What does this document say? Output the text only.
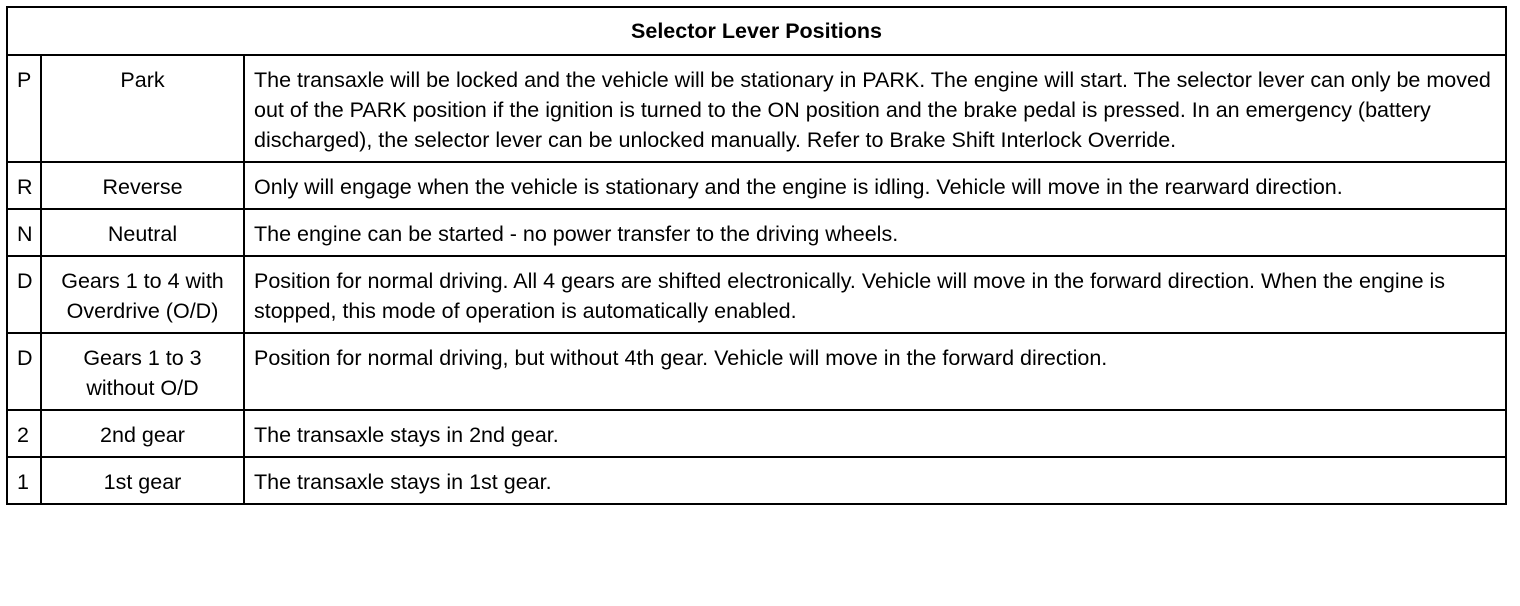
Selector Lever Positions		
P	Park	The transaxle will be locked and the vehicle will be stationary in PARK. The engine will start. The selector lever can only be moved out of the PARK position if the ignition is turned to the ON position and the brake pedal is pressed. In an emergency (battery discharged), the selector lever can be unlocked manually. Refer to Brake Shift Interlock Override.
R	Reverse	Only will engage when the vehicle is stationary and the engine is idling. Vehicle will move in the rearward direction.
N	Neutral	The engine can be started - no power transfer to the driving wheels.
D	Gears 1 to 4 with Overdrive (O/D)	Position for normal driving. All 4 gears are shifted electronically. Vehicle will move in the forward direction. When the engine is stopped, this mode of operation is automatically enabled.
D	Gears 1 to 3 without O/D	Position for normal driving, but without 4th gear. Vehicle will move in the forward direction.
2	2nd gear	The transaxle stays in 2nd gear.
1	1st gear	The transaxle stays in 1st gear.
